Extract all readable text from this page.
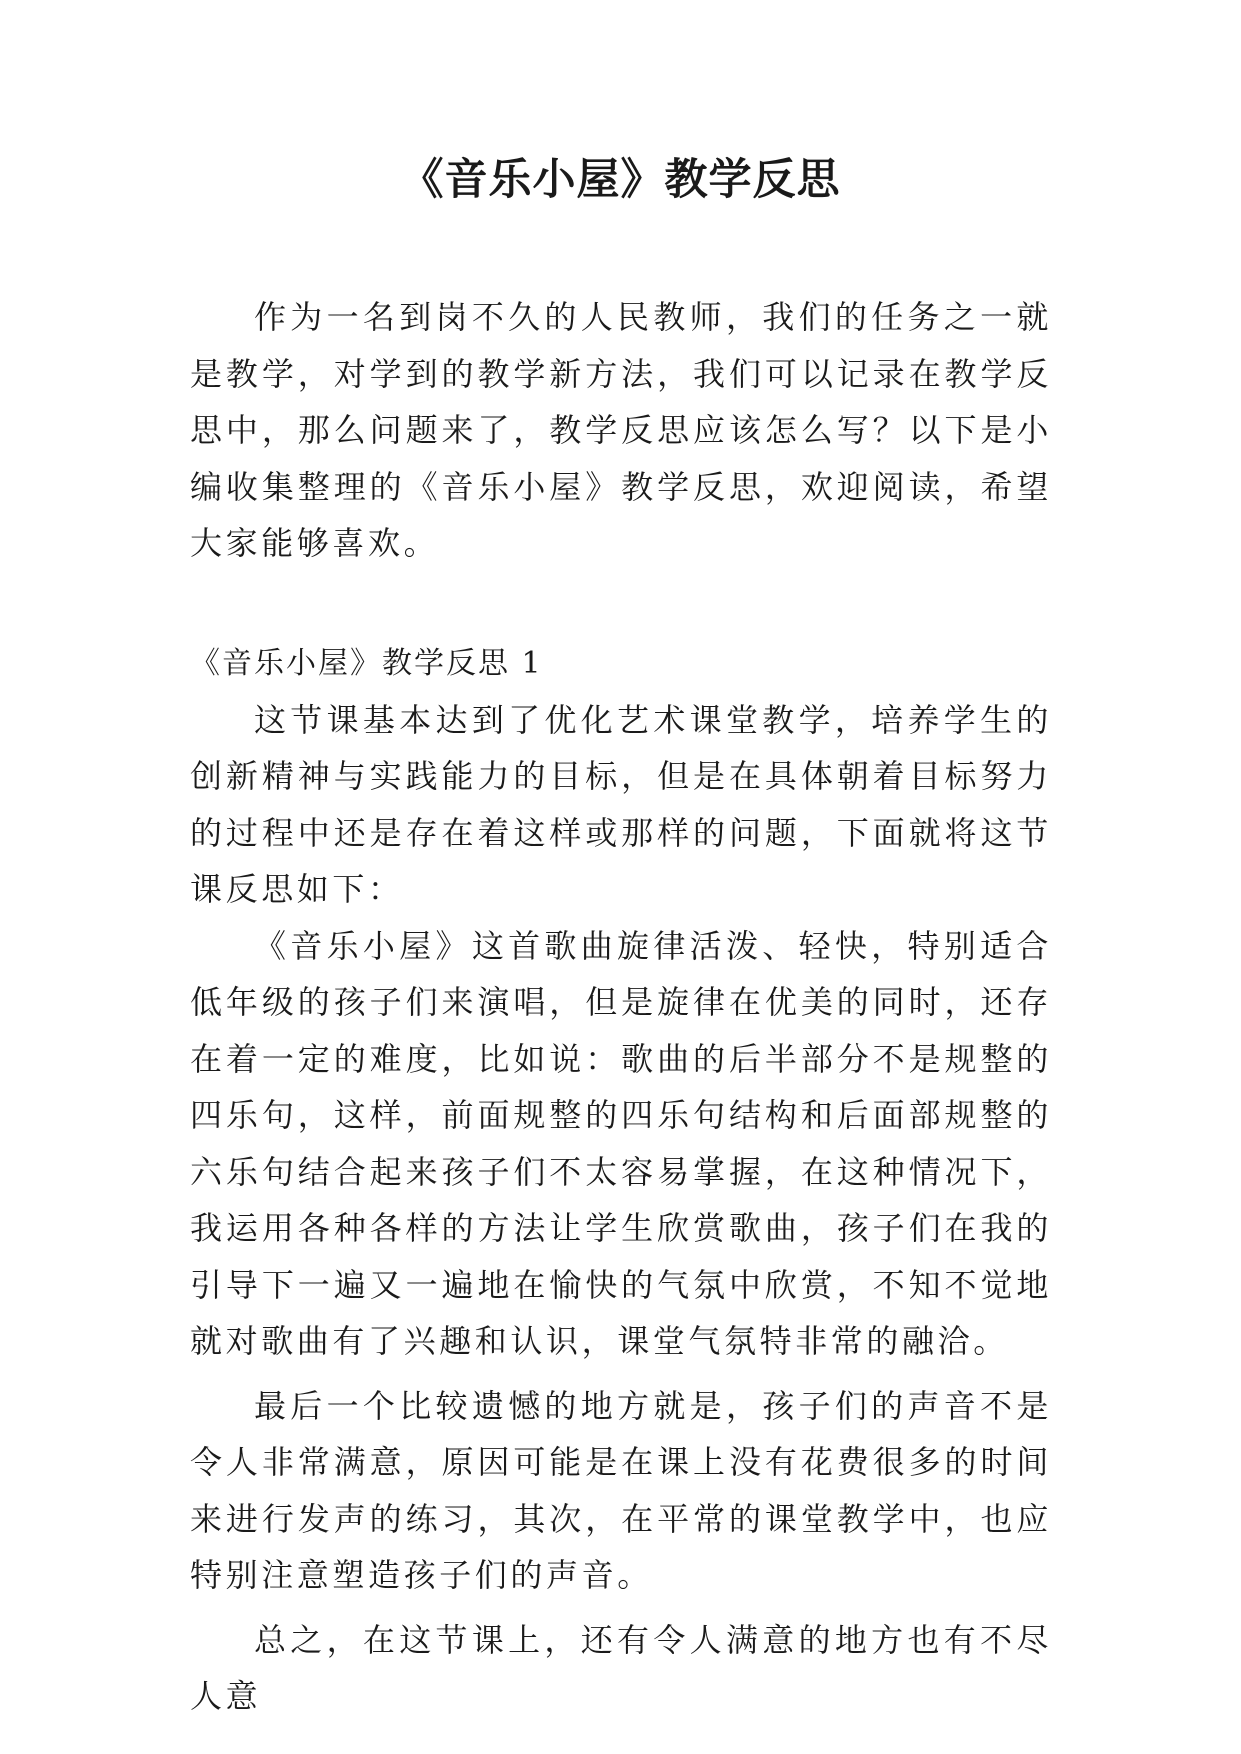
《音乐小屋》教学反思

作为一名到岗不久的人民教师，我们的任务之一就是教学，对学到的教学新方法，我们可以记录在教学反思中，那么问题来了，教学反思应该怎么写？以下是小编收集整理的《音乐小屋》教学反思，欢迎阅读，希望大家能够喜欢。

《音乐小屋》教学反思 1

这节课基本达到了优化艺术课堂教学，培养学生的创新精神与实践能力的目标，但是在具体朝着目标努力的过程中还是存在着这样或那样的问题，下面就将这节课反思如下：

《音乐小屋》这首歌曲旋律活泼、轻快，特别适合低年级的孩子们来演唱，但是旋律在优美的同时，还存在着一定的难度，比如说：歌曲的后半部分不是规整的四乐句，这样，前面规整的四乐句结构和后面部规整的六乐句结合起来孩子们不太容易掌握，在这种情况下，我运用各种各样的方法让学生欣赏歌曲，孩子们在我的引导下一遍又一遍地在愉快的气氛中欣赏，不知不觉地就对歌曲有了兴趣和认识，课堂气氛特非常的融洽。

最后一个比较遗憾的地方就是，孩子们的声音不是令人非常满意，原因可能是在课上没有花费很多的时间来进行发声的练习，其次，在平常的课堂教学中，也应特别注意塑造孩子们的声音。

总之，在这节课上，还有令人满意的地方也有不尽人意
